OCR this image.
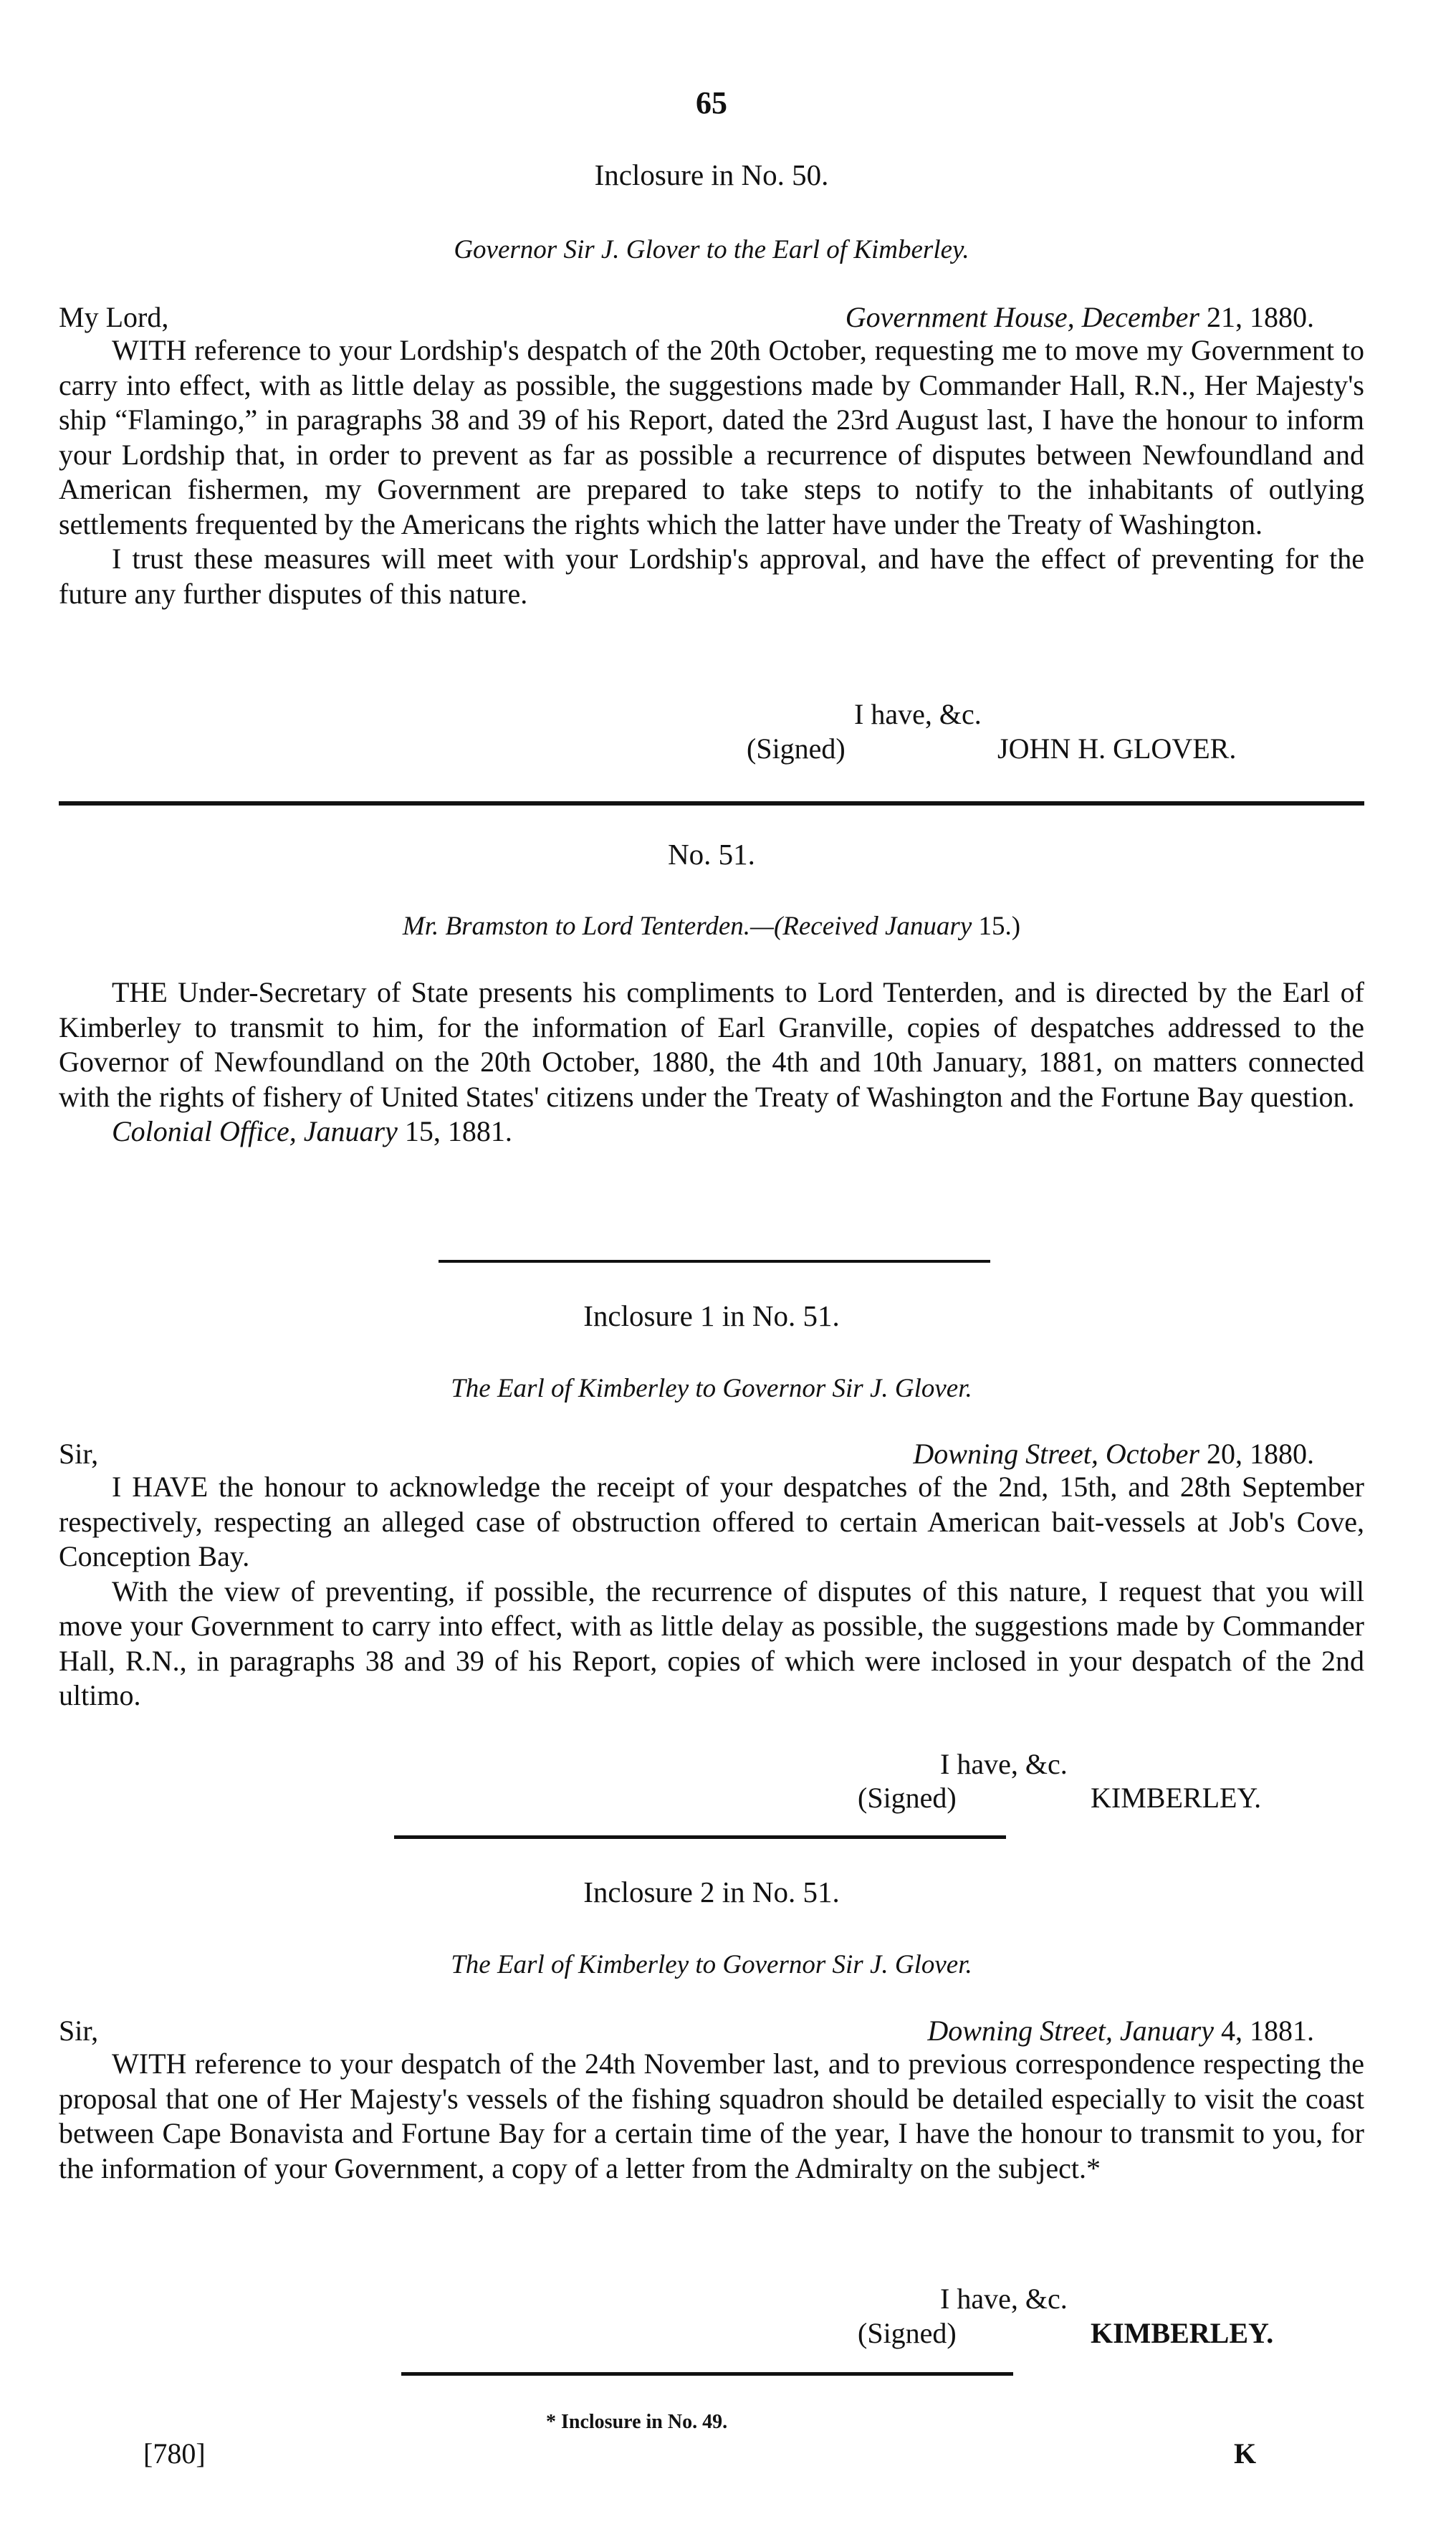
65
Inclosure in No. 50.
Governor Sir J. Glover to the Earl of Kimberley.
My Lord,	Government House, December 21, 1880.

WITH reference to your Lordship's despatch of the 20th October, requesting me to move my Government to carry into effect, with as little delay as possible, the suggestions made by Commander Hall, R.N., Her Majesty's ship “Flamingo,” in paragraphs 38 and 39 of his Report, dated the 23rd August last, I have the honour to inform your Lordship that, in order to prevent as far as possible a recurrence of disputes between Newfoundland and American fishermen, my Government are prepared to take steps to notify to the inhabitants of outlying settlements frequented by the Americans the rights which the latter have under the Treaty of Washington.

I trust these measures will meet with your Lordship's approval, and have the effect of preventing for the future any further disputes of this nature.

I have, &c.
(Signed)	JOHN H. GLOVER.
No. 51.
Mr. Bramston to Lord Tenterden.—(Received January 15.)

THE Under-Secretary of State presents his compliments to Lord Tenterden, and is directed by the Earl of Kimberley to transmit to him, for the information of Earl Granville, copies of despatches addressed to the Governor of Newfoundland on the 20th October, 1880, the 4th and 10th January, 1881, on matters connected with the rights of fishery of United States' citizens under the Treaty of Washington and the Fortune Bay question.

Colonial Office, January 15, 1881.

Inclosure 1 in No. 51.
The Earl of Kimberley to Governor Sir J. Glover.
Sir,	Downing Street, October 20, 1880.

I HAVE the honour to acknowledge the receipt of your despatches of the 2nd, 15th, and 28th September respectively, respecting an alleged case of obstruction offered to certain American bait-vessels at Job's Cove, Conception Bay.

With the view of preventing, if possible, the recurrence of disputes of this nature, I request that you will move your Government to carry into effect, with as little delay as possible, the suggestions made by Commander Hall, R.N., in paragraphs 38 and 39 of his Report, copies of which were inclosed in your despatch of the 2nd ultimo.

I have, &c.
(Signed)	KIMBERLEY.
Inclosure 2 in No. 51.
The Earl of Kimberley to Governor Sir J. Glover.
Sir,	Downing Street, January 4, 1881.

WITH reference to your despatch of the 24th November last, and to previous correspondence respecting the proposal that one of Her Majesty's vessels of the fishing squadron should be detailed especially to visit the coast between Cape Bonavista and Fortune Bay for a certain time of the year, I have the honour to transmit to you, for the information of your Government, a copy of a letter from the Admiralty on the subject.*

I have, &c.
(Signed)	KIMBERLEY.
* Inclosure in No. 49.
[780]	K
